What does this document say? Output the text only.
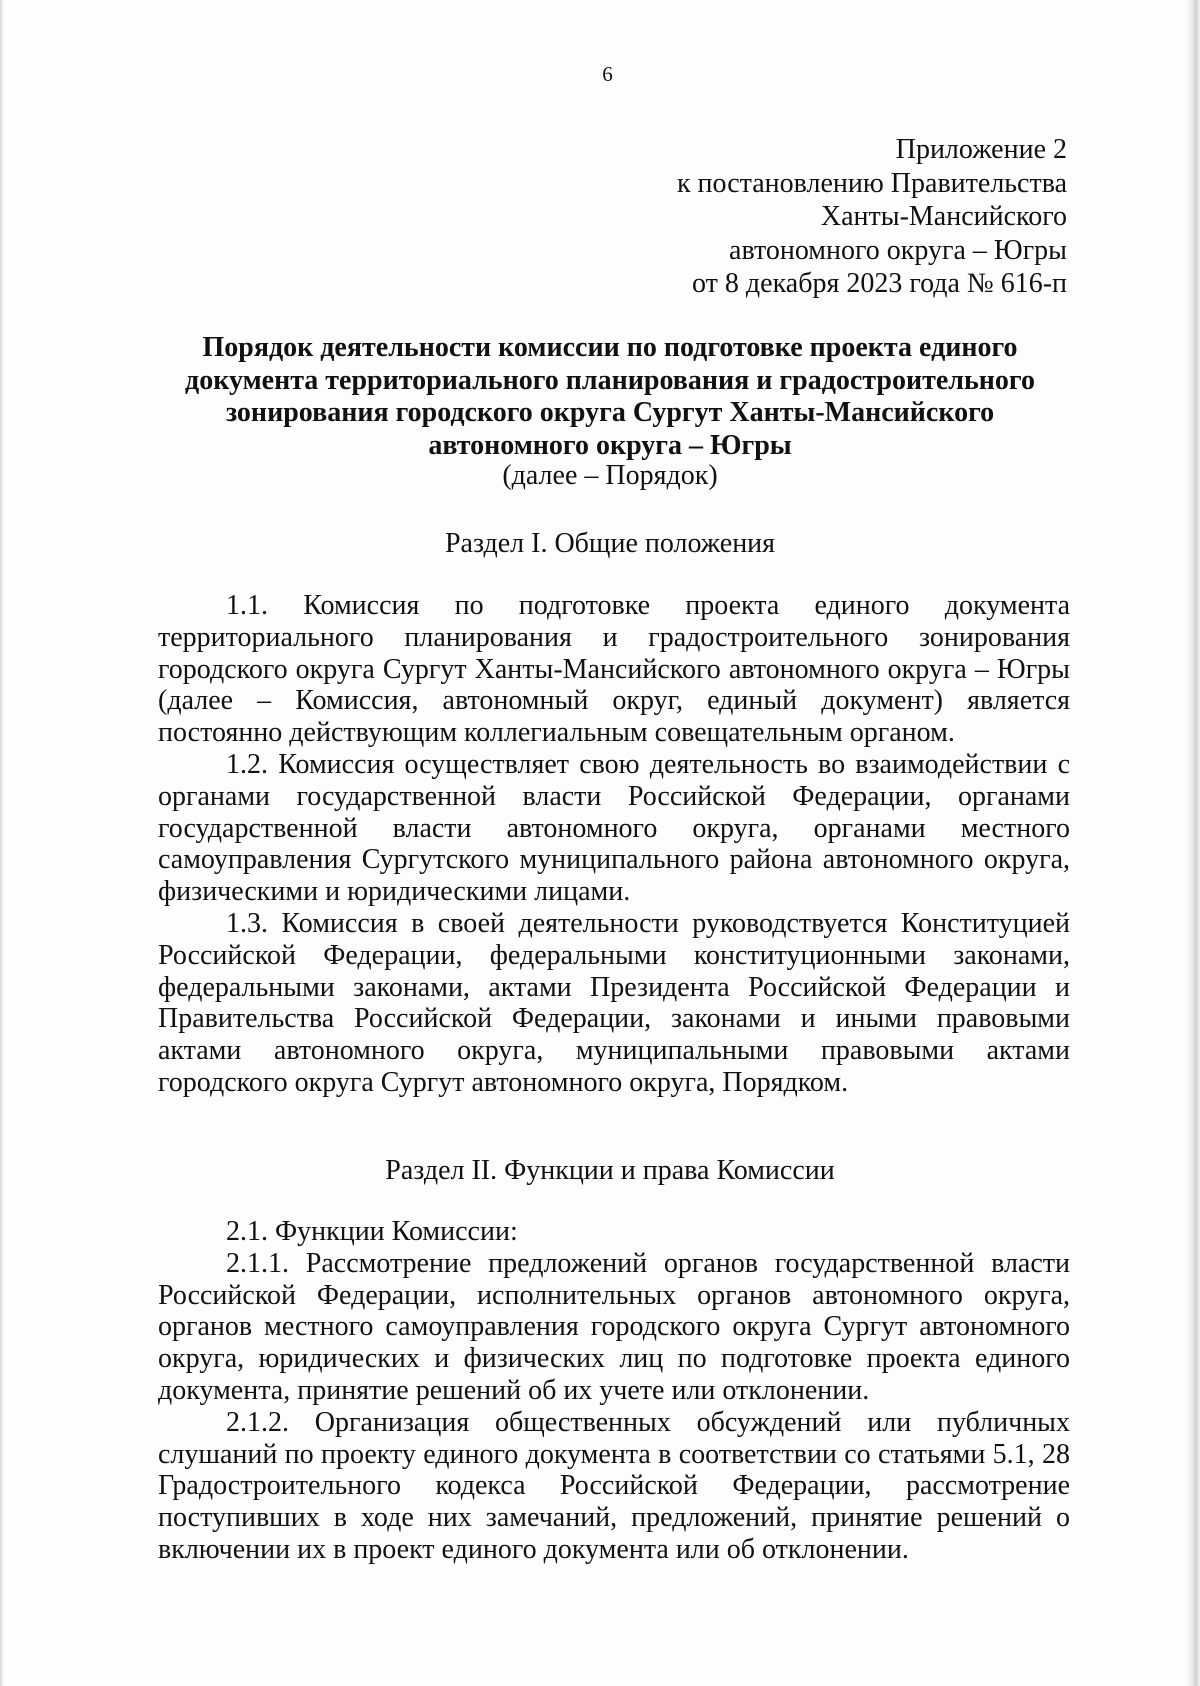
6
Приложение 2
к постановлению Правительства
Ханты-Мансийского
автономного округа – Югры
от 8 декабря 2023 года № 616-п
Порядок деятельности комиссии по подготовке проекта единого
документа территориального планирования и градостроительного
зонирования городского округа Сургут Ханты-Мансийского
автономного округа – Югры
(далее – Порядок)
Раздел I. Общие положения

1.1. Комиссия по подготовке проекта единого документа территориального планирования и градостроительного зонирования городского округа Сургут Ханты-Мансийского автономного округа – Югры (далее – Комиссия, автономный округ, единый документ) является постоянно действующим коллегиальным совещательным органом.

1.2. Комиссия осуществляет свою деятельность во взаимодействии с органами государственной власти Российской Федерации, органами государственной власти автономного округа, органами местного самоуправления Сургутского муниципального района автономного округа, физическими и юридическими лицами.

1.3. Комиссия в своей деятельности руководствуется Конституцией Российской Федерации, федеральными конституционными законами, федеральными законами, актами Президента Российской Федерации и Правительства Российской Федерации, законами и иными правовыми актами автономного округа, муниципальными правовыми актами городского округа Сургут автономного округа, Порядком.

Раздел II. Функции и права Комиссии

2.1. Функции Комиссии:

2.1.1. Рассмотрение предложений органов государственной власти Российской Федерации, исполнительных органов автономного округа, органов местного самоуправления городского округа Сургут автономного округа, юридических и физических лиц по подготовке проекта единого документа, принятие решений об их учете или отклонении.

2.1.2. Организация общественных обсуждений или публичных слушаний по проекту единого документа в соответствии со статьями 5.1, 28 Градостроительного кодекса Российской Федерации, рассмотрение поступивших в ходе них замечаний, предложений, принятие решений о включении их в проект единого документа или об отклонении.
